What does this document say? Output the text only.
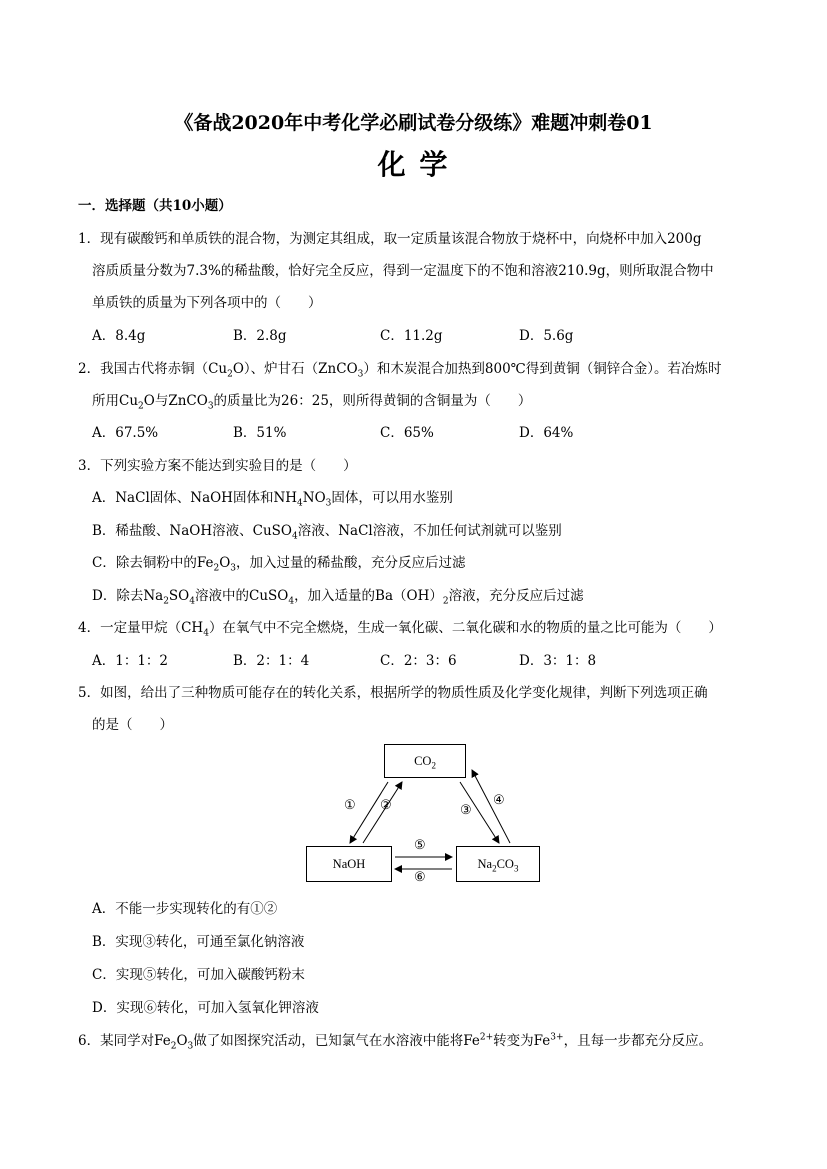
《备战2020年中考化学必刷试卷分级练》难题冲刺卷01
化 学
一．选择题（共10小题）
1．现有碳酸钙和单质铁的混合物，为测定其组成，取一定质量该混合物放于烧杯中，向烧杯中加入200g
溶质质量分数为7.3%的稀盐酸，恰好完全反应，得到一定温度下的不饱和溶液210.9g，则所取混合物中
单质铁的质量为下列各项中的（　　）
A．8.4g	B．2.8g	C．11.2g	D．5.6g
2．我国古代将赤铜$(Cu_2O)$、炉甘石（ZnCO$_3$）和木炭混合加热到800℃得到黄铜（铜锌合金）。若冶炼时
所用$Cu_2O$与ZnCO$_3$的质量比为26：25，则所得黄铜的含铜量为（　　）
A．67.5%	B．51%	C．65%	D．64%
3．下列实验方案不能达到实验目的是（　　）
A．NaCl固体、NaOH固体和$NH_4NO_3$固体，可以用水鉴别
B．稀盐酸、NaOH溶液、CuSO$_4$溶液、NaCl溶液，不加任何试剂就可以鉴别
C．除去铜粉中的$Fe_2O_3$，加入过量的稀盐酸，充分反应后过滤
D．除去$Na_2SO_4$溶液中的CuSO$_4$，加入适量的$Ba(OH)_2$溶液，充分反应后过滤
4．一定量甲烷$(CH_4)$在氧气中不完全燃烧，生成一氧化碳、二氧化碳和水的物质的量之比可能为（　　）
A．1：1：2	B．2：1：4	C．2：3：6	D．3：1：8
5．如图，给出了三种物质可能存在的转化关系，根据所学的物质性质及化学变化规律，判断下列选项正确
的是（　　）
$CO_2$
NaOH	$Na_2CO_3$
① ②	③
④
⑤
⑥
A．不能一步实现转化的有①②
B．实现③转化，可通至氯化钠溶液
C．实现⑤转化，可加入碳酸钙粉末
D．实现⑥转化，可加入氢氧化钾溶液
6．某同学对$Fe_2O_3$做了如图探究活动，已知氯气在水溶液中能将$Fe^{2+}$转变为$Fe^{3+}$，且每一步都充分反应。
